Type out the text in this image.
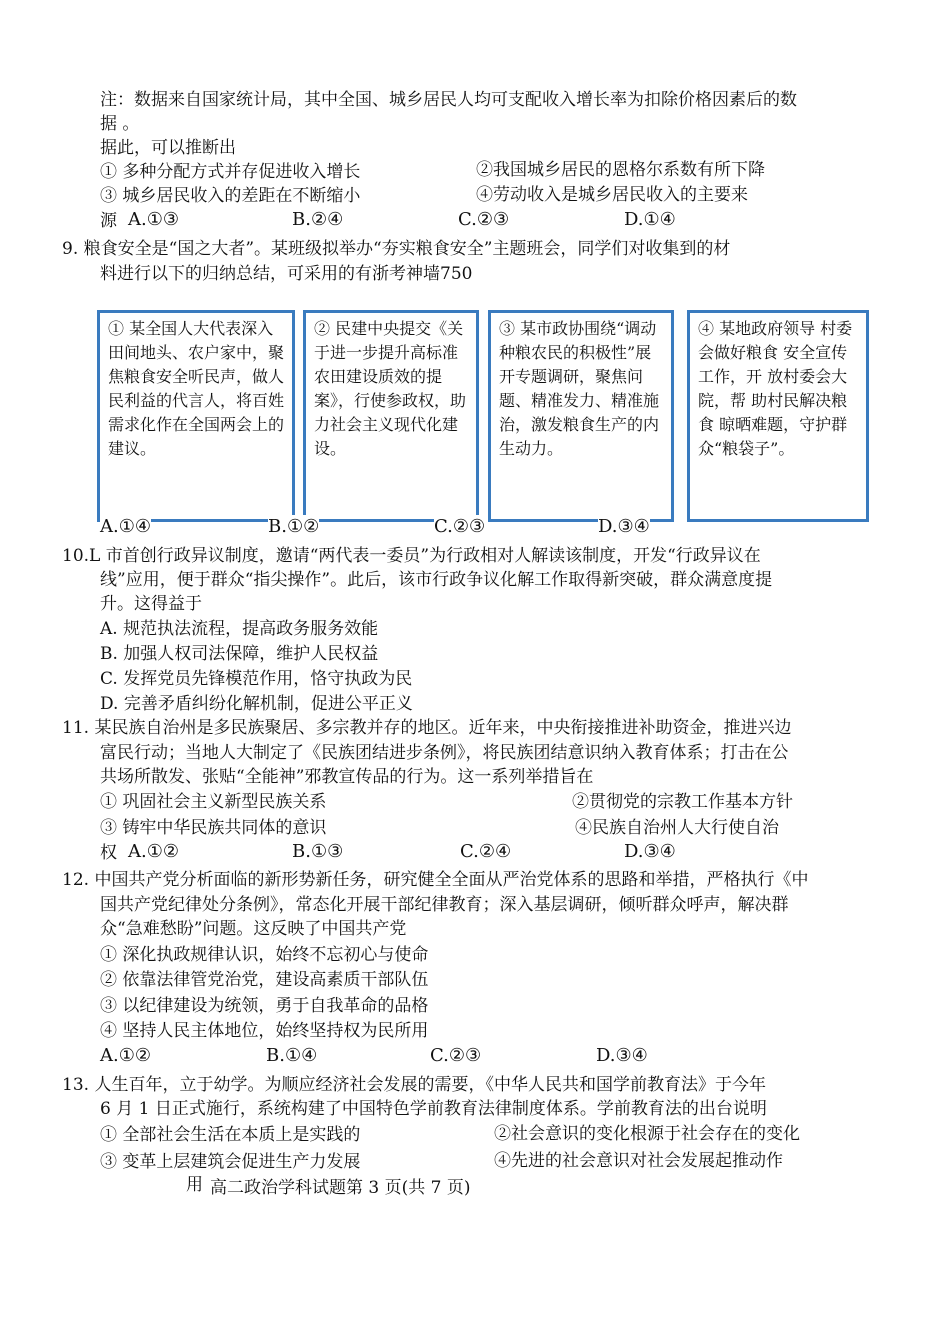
注：数据来自国家统计局，其中全国、城乡居民人均可支配收入增长率为扣除价格因素后的数
据 。
据此，可以推断出
① 多种分配方式并存促进收入增长	②我国城乡居民的恩格尔系数有所下降
③ 城乡居民收入的差距在不断缩小	④劳动收入是城乡居民收入的主要来
源 A.①③	B.②④	C.②③	D.①④
9. 粮食安全是“国之大者”。某班级拟举办“夯实粮食安全”主题班会，同学们对收集到的材
料进行以下的归纳总结，可采用的有浙考神墙750
① 某全国人大代表深入田间地头、农户家中，聚焦粮食安全听民声，做人民利益的代言人，将百姓需求化作在全国两会上的建议。
② 民建中央提交《关于进一步提升高标准农田建设质效的提案》，行使参政权，助力社会主义现代化建设。
③ 某市政协围绕“调动种粮农民的积极性”展开专题调研，聚焦问题、精准发力、精准施治，激发粮食生产的内生动力。
④ 某地政府领导 村委会做好粮食 安全宣传工作，开 放村委会大院，帮 助村民解决粮食 晾晒难题，守护群众“粮袋子”。
A.①④	B.①②	C.②③	D.③④
10.L 市首创行政异议制度，邀请“两代表一委员”为行政相对人解读该制度，开发“行政异议在
线”应用，便于群众“指尖操作”。此后，该市行政争议化解工作取得新突破，群众满意度提
升。这得益于
A. 规范执法流程，提高政务服务效能
B. 加强人权司法保障，维护人民权益
C. 发挥党员先锋模范作用，恪守执政为民
D. 完善矛盾纠纷化解机制，促进公平正义
11. 某民族自治州是多民族聚居、多宗教并存的地区。近年来，中央衔接推进补助资金，推进兴边
富民行动；当地人大制定了《民族团结进步条例》，将民族团结意识纳入教育体系；打击在公
共场所散发、张贴“全能神”邪教宣传品的行为。这一系列举措旨在
① 巩固社会主义新型民族关系	②贯彻党的宗教工作基本方针
③ 铸牢中华民族共同体的意识	④民族自治州人大行使自治
权 A.①②	B.①③	C.②④	D.③④
12. 中国共产党分析面临的新形势新任务，研究健全全面从严治党体系的思路和举措，严格执行《中
国共产党纪律处分条例》，常态化开展干部纪律教育；深入基层调研，倾听群众呼声，解决群
众“急难愁盼”问题。这反映了中国共产党
① 深化执政规律认识，始终不忘初心与使命
② 依靠法律管党治党，建设高素质干部队伍
③ 以纪律建设为统领，勇于自我革命的品格
④ 坚持人民主体地位，始终坚持权为民所用
A.①②	B.①④	C.②③	D.③④
13. 人生百年，立于幼学。为顺应经济社会发展的需要，《中华人民共和国学前教育法》于今年
6 月 1 日正式施行，系统构建了中国特色学前教育法律制度体系。学前教育法的出台说明
① 全部社会生活在本质上是实践的	②社会意识的变化根源于社会存在的变化
③ 变革上层建筑会促进生产力发展	④先进的社会意识对社会发展起推动作
用 高二政治学科试题第 3 页(共 7 页)
